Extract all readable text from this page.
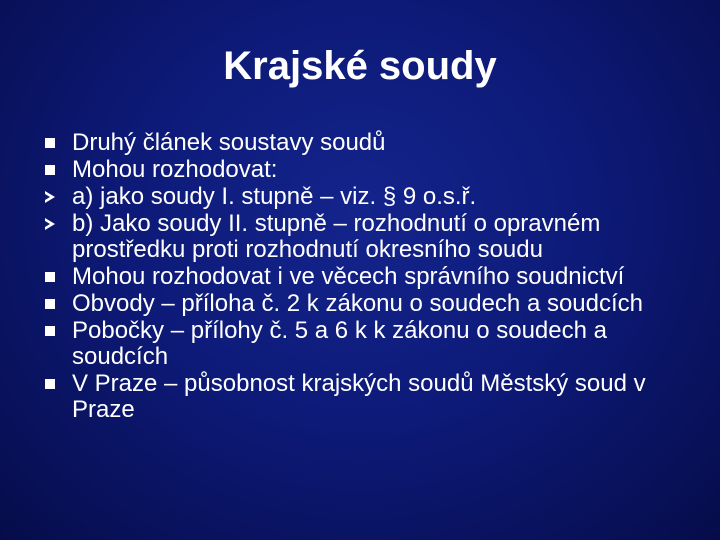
Krajské soudy
Druhý článek soustavy soudů
Mohou rozhodovat:
a) jako soudy I. stupně – viz. § 9 o.s.ř.
b) Jako soudy II. stupně – rozhodnutí o opravném prostředku proti rozhodnutí okresního soudu
Mohou rozhodovat i ve věcech správního soudnictví
Obvody – příloha č. 2 k zákonu o soudech a soudcích
Pobočky – přílohy č. 5 a 6 k k zákonu o soudech a soudcích
V Praze – působnost krajských soudů Městský soud v Praze
